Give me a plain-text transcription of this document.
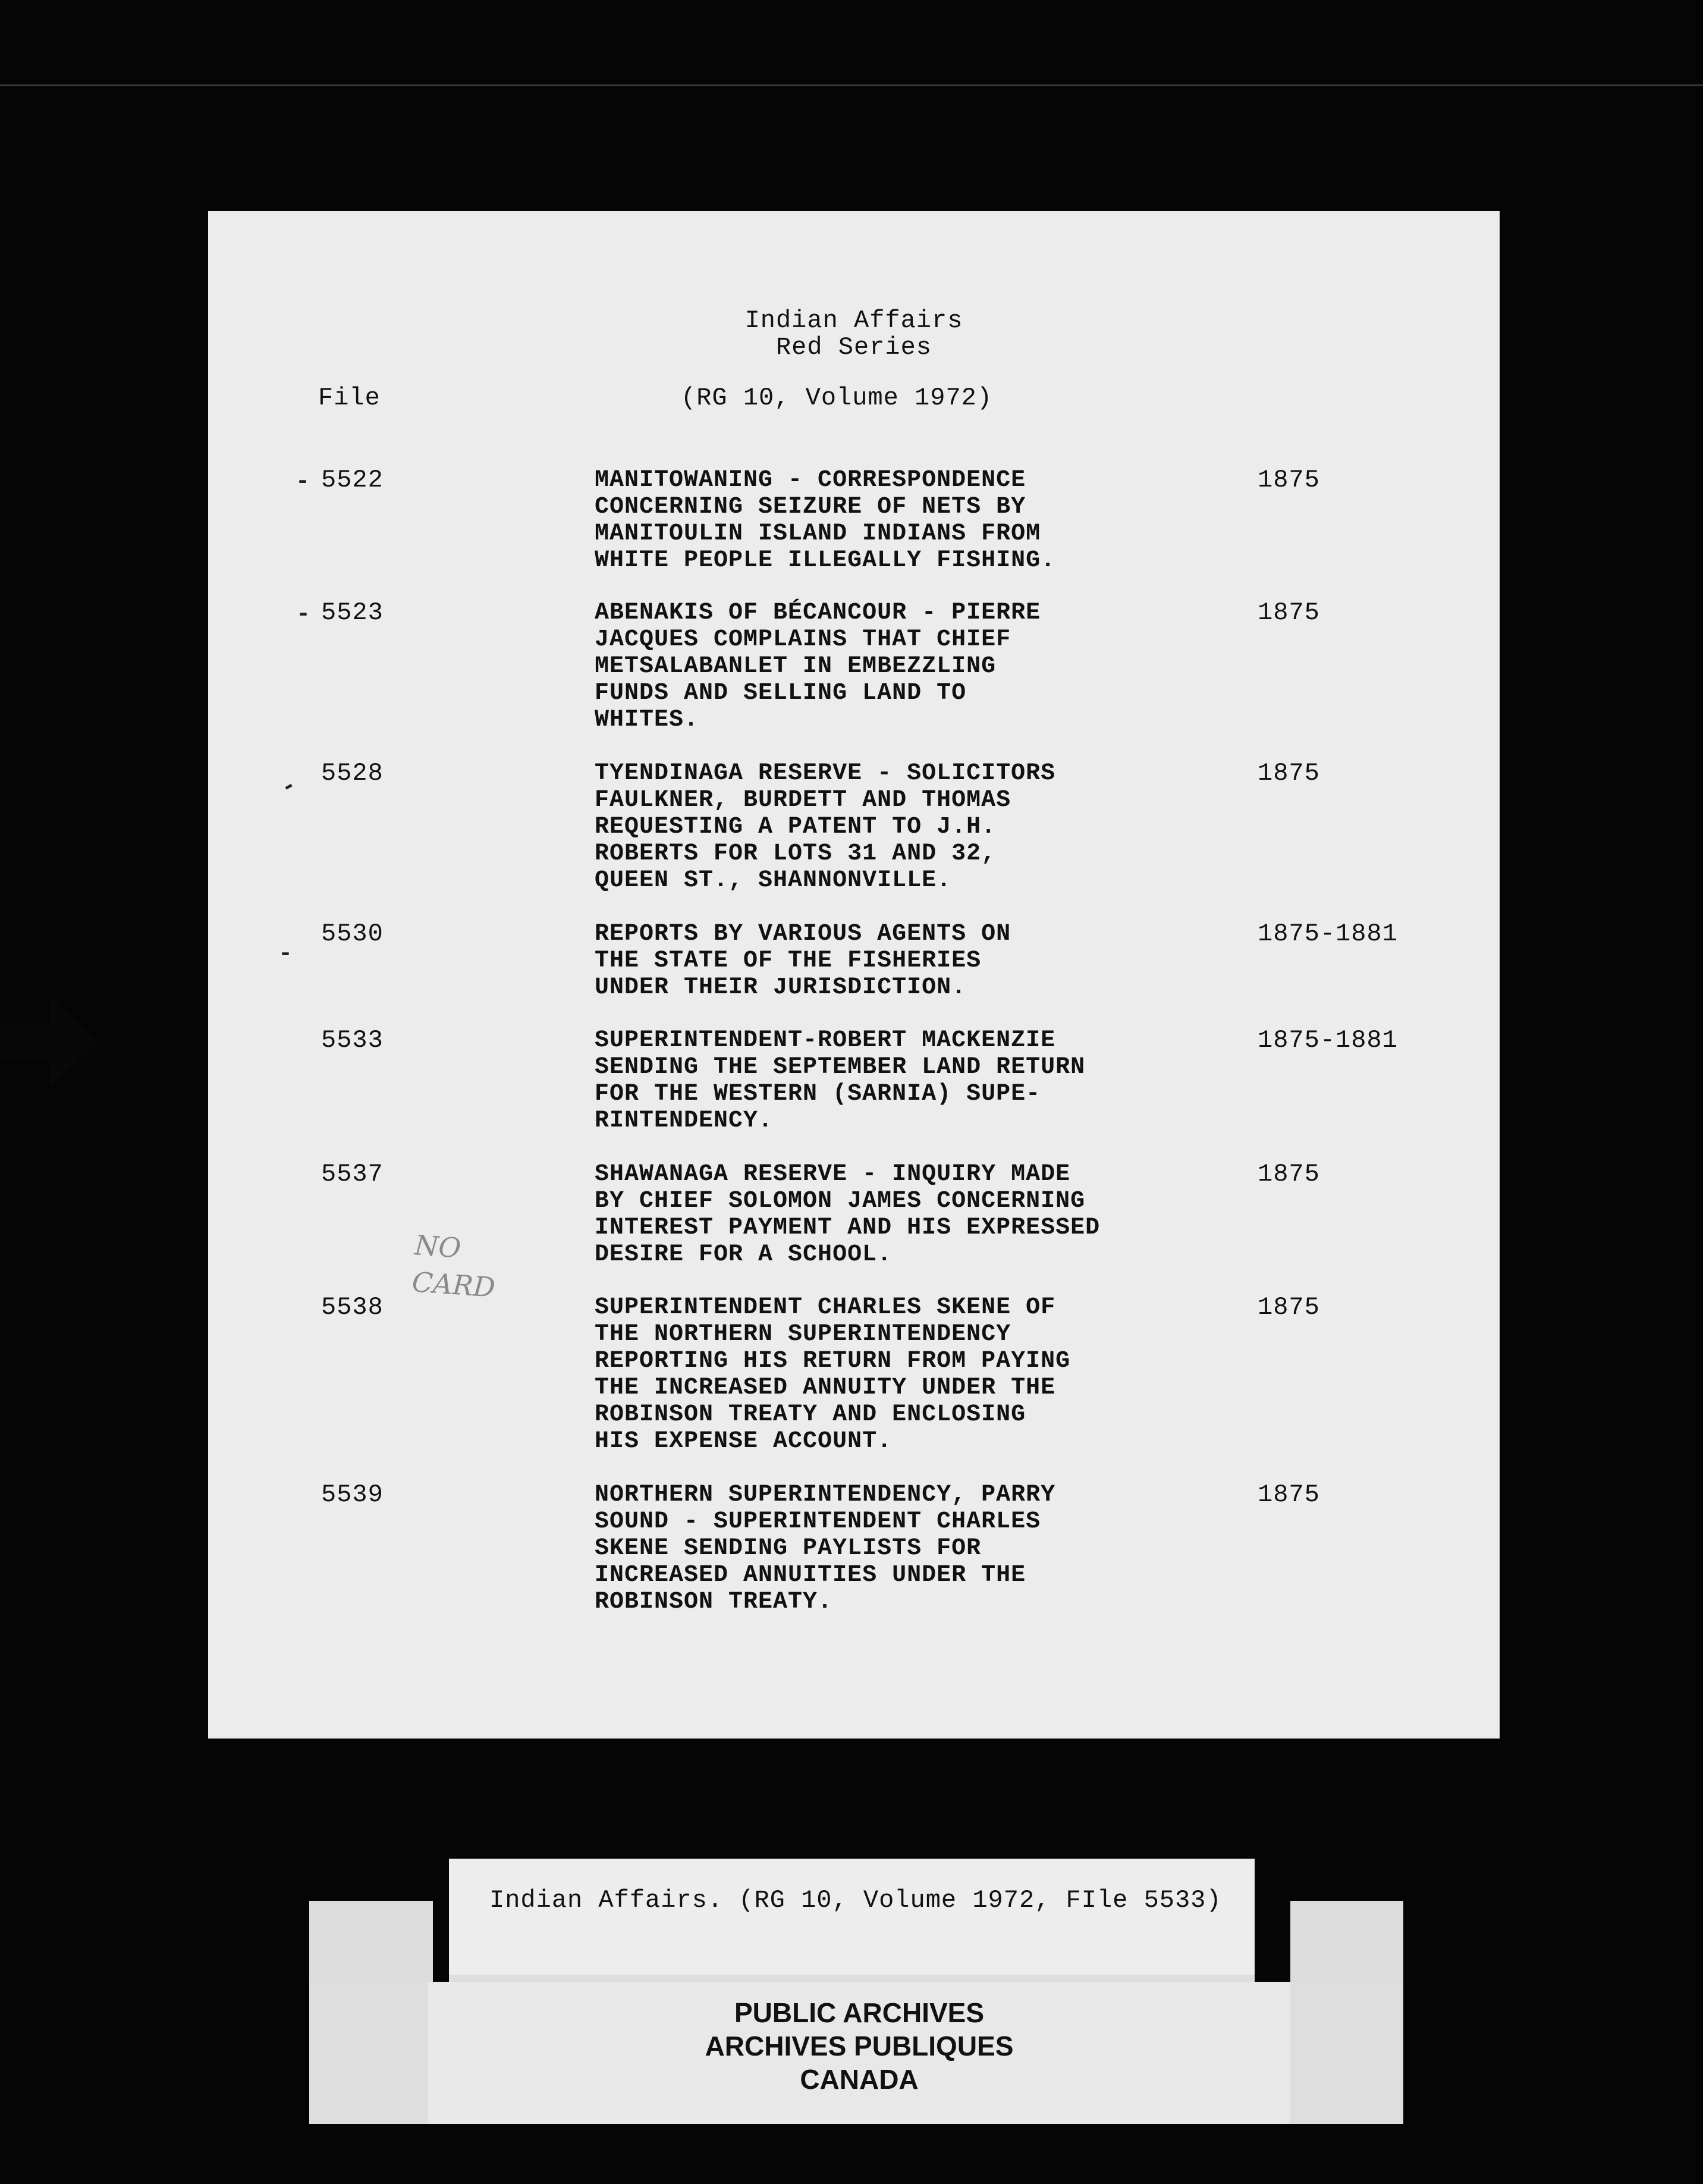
Indian Affairs
Red Series
File	(RG 10, Volume 1972)
-
-
-
-
5522	MANITOWANING - CORRESPONDENCE
CONCERNING SEIZURE OF NETS BY
MANITOULIN ISLAND INDIANS FROM
WHITE PEOPLE ILLEGALLY FISHING.
1875
5523	ABENAKIS OF BÉCANCOUR - PIERRE
JACQUES COMPLAINS THAT CHIEF
METSALABANLET IN EMBEZZLING
FUNDS AND SELLING LAND TO
WHITES.
1875
5528	TYENDINAGA RESERVE - SOLICITORS
FAULKNER, BURDETT AND THOMAS
REQUESTING A PATENT TO J.H.
ROBERTS FOR LOTS 31 AND 32,
QUEEN ST., SHANNONVILLE.
1875
5530	REPORTS BY VARIOUS AGENTS ON
THE STATE OF THE FISHERIES
UNDER THEIR JURISDICTION.
1875-1881
5533	SUPERINTENDENT-ROBERT MACKENZIE
SENDING THE SEPTEMBER LAND RETURN
FOR THE WESTERN (SARNIA) SUPE-
RINTENDENCY.
1875-1881
5537	SHAWANAGA RESERVE - INQUIRY MADE
BY CHIEF SOLOMON JAMES CONCERNING
INTEREST PAYMENT AND HIS EXPRESSED
DESIRE FOR A SCHOOL.
1875
5538	SUPERINTENDENT CHARLES SKENE OF
THE NORTHERN SUPERINTENDENCY
REPORTING HIS RETURN FROM PAYING
THE INCREASED ANNUITY UNDER THE
ROBINSON TREATY AND ENCLOSING
HIS EXPENSE ACCOUNT.
1875
5539	NORTHERN SUPERINTENDENCY, PARRY
SOUND - SUPERINTENDENT CHARLES
SKENE SENDING PAYLISTS FOR
INCREASED ANNUITIES UNDER THE
ROBINSON TREATY.
1875
NO
CARD
Indian Affairs. (RG 10, Volume 1972, FIle 5533)
PUBLIC ARCHIVES
ARCHIVES PUBLIQUES
CANADA
